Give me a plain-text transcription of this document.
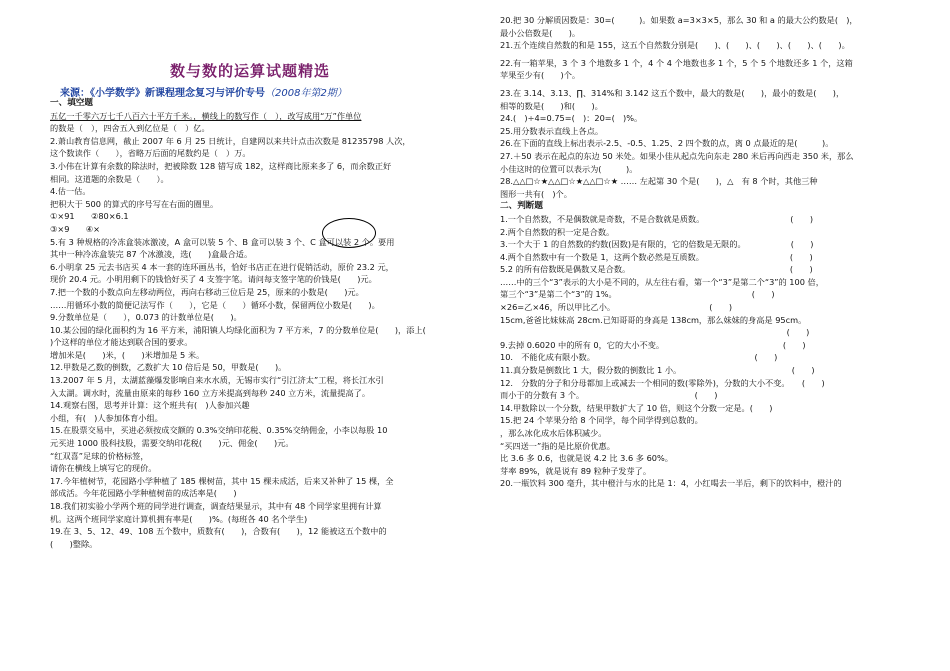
数与数的运算试题精选
来源：《小学数学》新课程理念复习与评价专号（2008年第2期）
一、填空题
五亿一千零六万七千八百六十平方千米。，横线上的数写作（　），改写成用“万”作单位
的数是（　），四舍五入到亿位是（　）亿。
2.萧山教育信息网，截止 2007 年 6 月 25 日统计，自建网以来共计点击次数是 81235798 人次，
这个数读作（　　），省略万后面的尾数约是（　）万。
3.小伟在计算有余数的除法时，把被除数 128 错写成 182，这样商比原来多了 6，而余数正好
相同。这道题的余数是（　　）。
4.估一估。
把积大于 500 的算式的序号写在右面的圈里。
①×91　　②80×6.1
③×9　　④×
5.有 3 种规格的冷冻盒装冰激凌，A 盒可以装 5 个、B 盒可以装 3 个、C 盒可以装 2 个。要用
其中一种冷冻盒装完 87 个冰激凌，选(　　)盒最合适。
6.小明拿 25 元去书店买 4 本一套的连环画丛书，恰好书店正在进行促销活动，原价 23.2 元，
现价 20.4 元。小明用剩下的钱恰好买了 4 支签字笔。请问每支签字笔的价钱是(　　)元。
7.把一个数的小数点向左移动两位，再向右移动三位后是 25，原来的小数是(　　)元。
……用循环小数的简便记法写作（　　），它是（　　）循环小数，保留两位小数是(　　)。
9.分数单位是（　　），0.073 的计数单位是(　　)。
10.某公园的绿化面积约为 16 平方米，浦阳镇人均绿化面积为 7 平方米，7 的分数单位是(　　)，添上(
)个这样的单位才能达到联合国的要求。
增加米是(　　)米，(　　)米增加是 5 米。
12.甲数是乙数的倒数，乙数扩大 10 倍后是 50，甲数是(　　)。
13.2007 年 5 月，太湖蓝藻爆发影响自来水水质，无锡市实行“引江济太”工程，将长江水引
入太湖。调水时，流量由原来的每秒 160 立方米提高到每秒 240 立方米，流量提高了。
14.观察右图，思考并计算：这个班共有(　)人参加兴趣
小组，有(　)人参加体育小组。
15.在股票交易中，买进必须按成交额的 0.3%交纳印花税、0.35%交纳佣金，小李以每股 10
元买进 1000 股科技股，需要交纳印花税(　　)元、佣金(　　)元。
“红双喜”足球的价格标签，
请你在横线上填写它的现价。
17.今年植树节，花园路小学种植了 185 棵树苗，其中 15 棵未成活，后来又补种了 15 棵，全
部成活。今年花园路小学种植树苗的成活率是(　　)
18.我们初实验小学两个班的同学进行调查，调查结果显示，其中有 48 个同学家里拥有计算
机。这两个班同学家庭计算机拥有率是(　　)%。(每班各 40 名个学生)
19.在 3、5、12、49、108 五个数中，质数有(　　)，合数有(　　)，12 能被这五个数中的
(　　)整除。
20.把 30 分解质因数是：30=(　　　)。如果数 a=3×3×5，那么 30 和 a 的最大公约数是(　)，
最小公倍数是(　　)。
21.五个连续自然数的和是 155，这五个自然数分别是(　　)、(　　)、(　　)、(　　)、(　　)。
22.有一箱苹果，3 个 3 个地数多 1 个，4 个 4 个地数也多 1 个，5 个 5 个地数还多 1 个，这箱
苹果至少有(　　)个。
23.在 3.14、3.13、∏、314%和 3.142 这五个数中，最大的数是(　　)，最小的数是(　　)，
相等的数是(　　)和(　　)。
24.(　)÷4=0.75=(　)：20=(　)%。
25.用分数表示直线上各点。
26.在下面的直线上标出表示-2.5、-0.5、1.25、2 四个数的点，离 0 点最近的是(　　　)。
27.＋50 表示在起点的东边 50 米处。如果小佳从起点先向东走 280 米后再向西走 350 米，那么
小佳这时的位置可以表示为(　　　)。
28.△△□☆★△△□☆★△△□☆★ …… 左起第 30 个是(　　)，△　有 8 个时，其他三种
图形一共有(　)个。
二、判断题
1.一个自然数，不是偶数就是奇数，不是合数就是质数。　　　　　　　　　　　(　　)
2.两个自然数的积一定是合数。
3.一个大于 1 的自然数的约数(因数)是有限的，它的倍数是无限的。　　　　　　(　　)
4.两个自然数中有一个数是 1，这两个数必然是互质数。　　　　　　　　　　　(　　)
5.2 的所有倍数既是偶数又是合数。　　　　　　　　　　　　　　　　　　　　(　　)
……中的三个“3”表示的大小是不同的，从左往右看，第一个“3”是第二个“3”的 100 倍，
第三个“3”是第二个“3”的 1%。　　　　　　　　　　　　　　　　　(　　)
×26=乙×46，所以甲比乙小。　　　　　　　　　　　　(　　)
15cm,爸爸比妹妹高 28cm.已知哥哥的身高是 138cm，那么妹妹的身高是 95cm。
　　　　　　　　　　　　　　　　　　　　　　　　　　　　　　　　　　　(　　)
9.去掉 0.6020 中的所有 0，它的大小不变。　　　　　　　　　　　　　　　(　　)
10.　不能化成有限小数。　　　　　　　　　　　　　　　　　　　　(　　)
11.真分数是倒数比 1 大，假分数的倒数比 1 小。　　　　　　　　　　　　　　(　　)
12.　分数的分子和分母都加上或减去一个相同的数(零除外)，分数的大小不变。　　(　　)
而小于的分数有 3 个。　　　　　　　　　　　　　　(　　)
14.甲数除以一个分数，结果甲数扩大了 10 倍，则这个分数一定是。(　　)
15.把 24 个苹果分给 8 个同学，每个同学得到总数的。
，那么冰化成水后体积减少。
“买四送一”指的是比原价优惠。
比 3.6 多 0.6，也就是说 4.2 比 3.6 多 60%。
芽率 89%，就是说有 89 粒种子发芽了。
20.一瓶饮料 300 毫升，其中橙汁与水的比是 1：4，小红喝去一半后，剩下的饮料中，橙汁的
